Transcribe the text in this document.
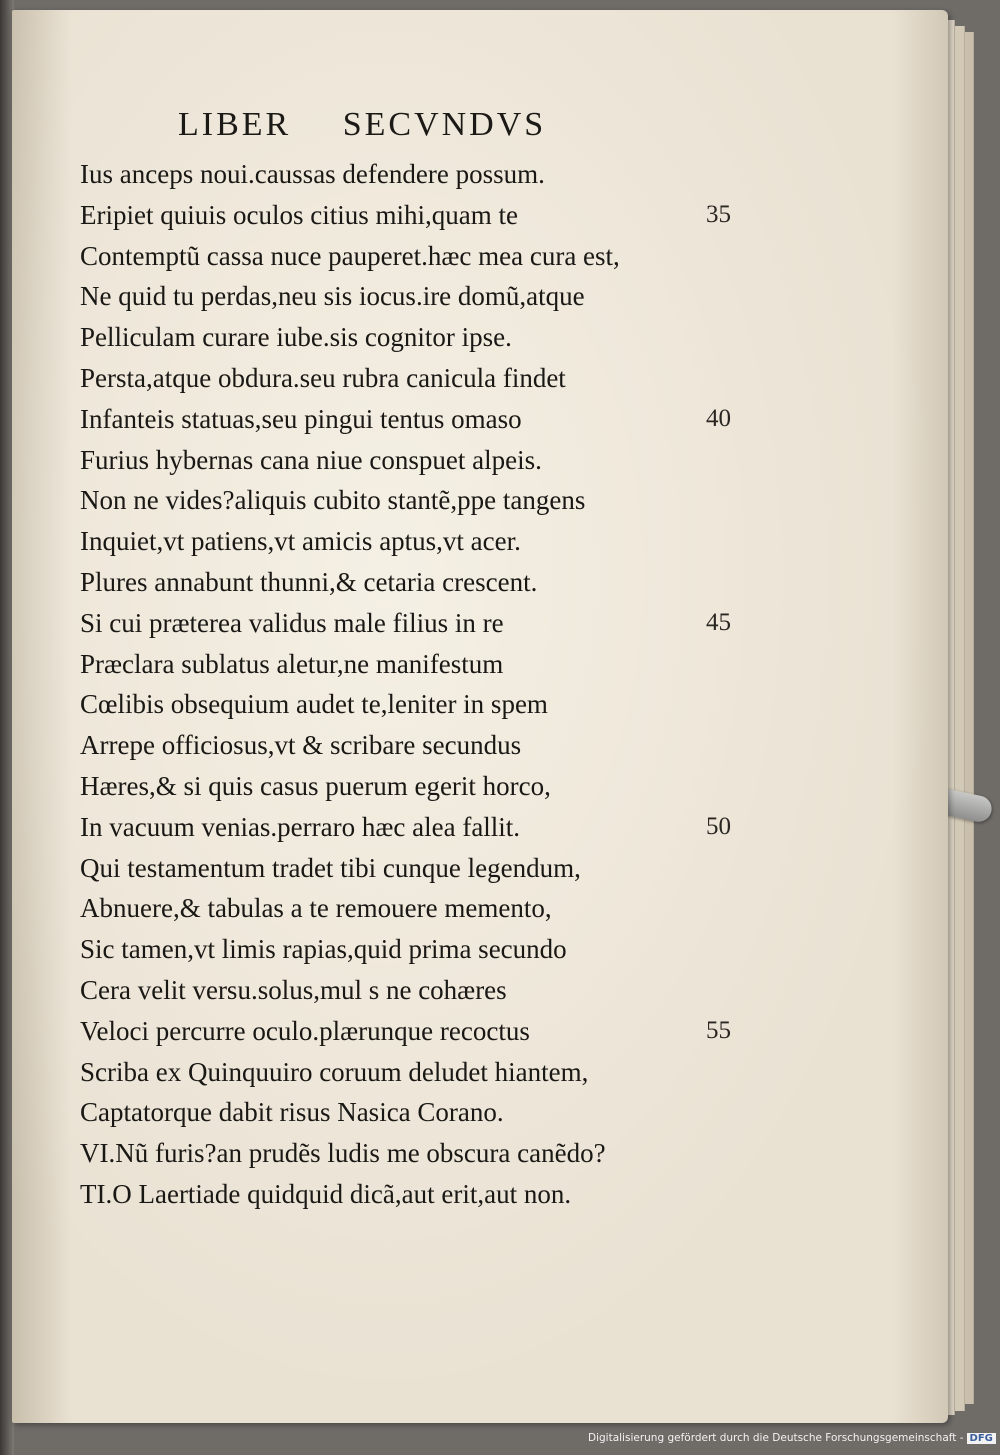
LIBER SECVNDVS
Ius anceps noui.caussas defendere possum.
Eripiet quiuis oculos citius mihi,quam te	35
Contemptũ cassa nuce pauperet.hæc mea cura est,
Ne quid tu perdas,neu sis iocus.ire domũ,atque
Pelliculam curare iube.sis cognitor ipse.
Persta,atque obdura.seu rubra canicula findet
Infanteis statuas,seu pingui tentus omaso	40
Furius hybernas cana niue conspuet alpeis.
Non ne vides?aliquis cubito stantẽ,ppe tangens
Inquiet,vt patiens,vt amicis aptus,vt acer.
Plures annabunt thunni,& cetaria crescent.
Si cui præterea validus male filius in re	45
Præclara sublatus aletur,ne manifestum
Cœlibis obsequium audet te,leniter in spem
Arrepe officiosus,vt & scribare secundus
Hæres,& si quis casus puerum egerit horco,
In vacuum venias.perraro hæc alea fallit.	50
Qui testamentum tradet tibi cunque legendum,
Abnuere,& tabulas a te remouere memento,
Sic tamen,vt limis rapias,quid prima secundo
Cera velit versu.solus,mul s ne cohæres
Veloci percurre oculo.plærunque recoctus	55
Scriba ex Quinquuiro coruum deludet hiantem,
Captatorque dabit risus Nasica Corano.
VI.Nũ furis?an prudẽs ludis me obscura canẽdo?
TI.O Laertiade quidquid dicã,aut erit,aut non.
Digitalisierung gefördert durch die Deutsche Forschungsgemeinschaft - DFG
